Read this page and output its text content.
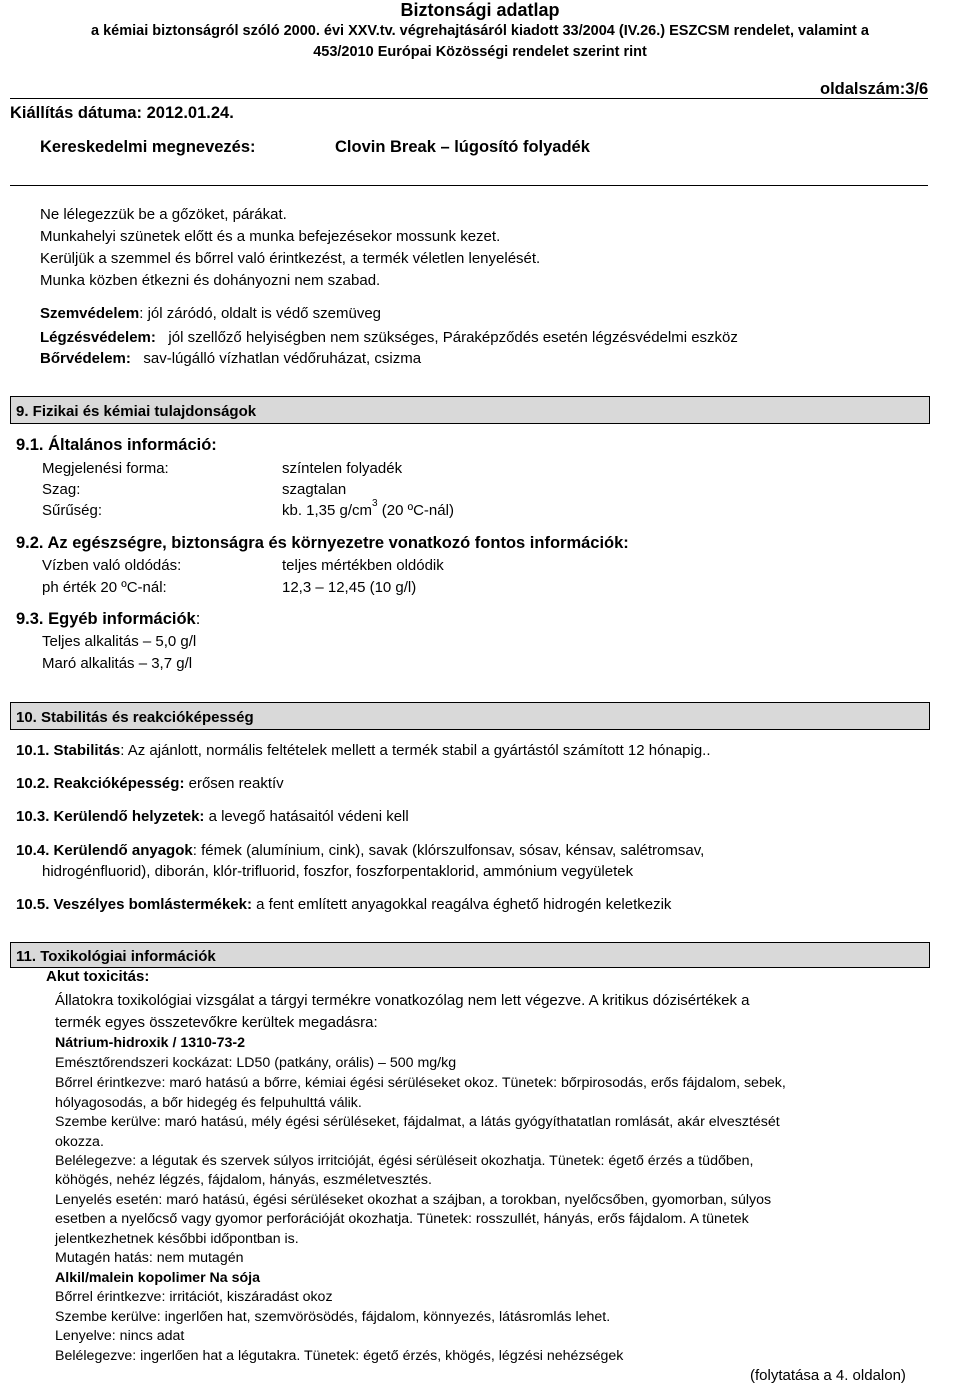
Biztonsági adatlap
a kémiai biztonságról szóló 2000. évi XXV.tv. végrehajtásáról kiadott 33/2004 (IV.26.) ESZCSM rendelet, valamint a
453/2010 Európai Közösségi rendelet szerint rint
Kiállítás dátuma: 2012.01.24.
oldalszám:3/6
Kereskedelmi megnevezés:	Clovin Break – lúgosító folyadék
Ne lélegezzük be a gőzöket, párákat.
Munkahelyi szünetek előtt és a munka befejezésekor mossunk kezet.
Kerüljük a szemmel és bőrrel való érintkezést, a termék véletlen lenyelését.
Munka közben étkezni és dohányozni nem szabad.
Szemvédelem: jól záródó, oldalt is védő szemüveg
Légzésvédelem: jól szellőző helyiségben nem szükséges, Páraképződés esetén légzésvédelmi eszköz
Bőrvédelem: sav-lúgálló vízhatlan védőruházat, csizma
9. Fizikai és kémiai tulajdonságok
9.1. Általános információ:
Megjelenési forma:	színtelen folyadék
Szag:	szagtalan
Sűrűség:	kb. 1,35 $g/cm^3$ (20 ºC-nál)
9.2. Az egészségre, biztonságra és környezetre vonatkozó fontos információk:
Vízben való oldódás:	teljes mértékben oldódik
ph érték 20 ºC-nál:	12,3 – 12,45 (10 g/l)
9.3. Egyéb információk:
Teljes alkalitás – 5,0 g/l
Maró alkalitás – 3,7 g/l
10. Stabilitás és reakcióképesség
10.1. Stabilitás: Az ajánlott, normális feltételek mellett a termék stabil a gyártástól számított 12 hónapig..
10.2. Reakcióképesség: erősen reaktív
10.3. Kerülendő helyzetek: a levegő hatásaitól védeni kell
10.4. Kerülendő anyagok: fémek (alumínium, cink), savak (klórszulfonsav, sósav, kénsav, salétromsav,
hidrogénfluorid), diborán, klór-trifluorid, foszfor, foszforpentaklorid, ammónium vegyületek
10.5. Veszélyes bomlástermékek: a fent említett anyagokkal reagálva éghető hidrogén keletkezik
11. Toxikológiai információk
Akut toxicitás:
Állatokra toxikológiai vizsgálat a tárgyi termékre vonatkozólag nem lett végezve. A kritikus dózisértékek a
termék egyes összetevőkre kerültek megadásra:
Nátrium-hidroxik / 1310-73-2
Emésztőrendszeri kockázat: LD50 (patkány, orális) – 500 mg/kg
Bőrrel érintkezve: maró hatású a bőrre, kémiai égési sérüléseket okoz. Tünetek: bőrpirosodás, erős fájdalom, sebek,
hólyagosodás, a bőr hidegég és felpuhulttá válik.
Szembe kerülve: maró hatású, mély égési sérüléseket, fájdalmat, a látás gyógyíthatatlan romlását, akár elvesztését
okozza.
Belélegezve: a légutak és szervek súlyos irritcióját, égési sérüléseit okozhatja. Tünetek: égető érzés a tüdőben,
köhögés, nehéz légzés, fájdalom, hányás, eszméletvesztés.
Lenyelés esetén: maró hatású, égési sérüléseket okozhat a szájban, a torokban, nyelőcsőben, gyomorban, súlyos
esetben a nyelőcső vagy gyomor perforációját okozhatja. Tünetek: rosszullét, hányás, erős fájdalom. A tünetek
jelentkezhetnek későbbi időpontban is.
Mutagén hatás: nem mutagén
Alkil/malein kopolimer Na sója
Bőrrel érintkezve: irritációt, kiszáradást okoz
Szembe kerülve: ingerlően hat, szemvörösödés, fájdalom, könnyezés, látásromlás lehet.
Lenyelve: nincs adat
Belélegezve: ingerlően hat a légutakra. Tünetek: égető érzés, khögés, légzési nehézségek
(folytatása a 4. oldalon)
